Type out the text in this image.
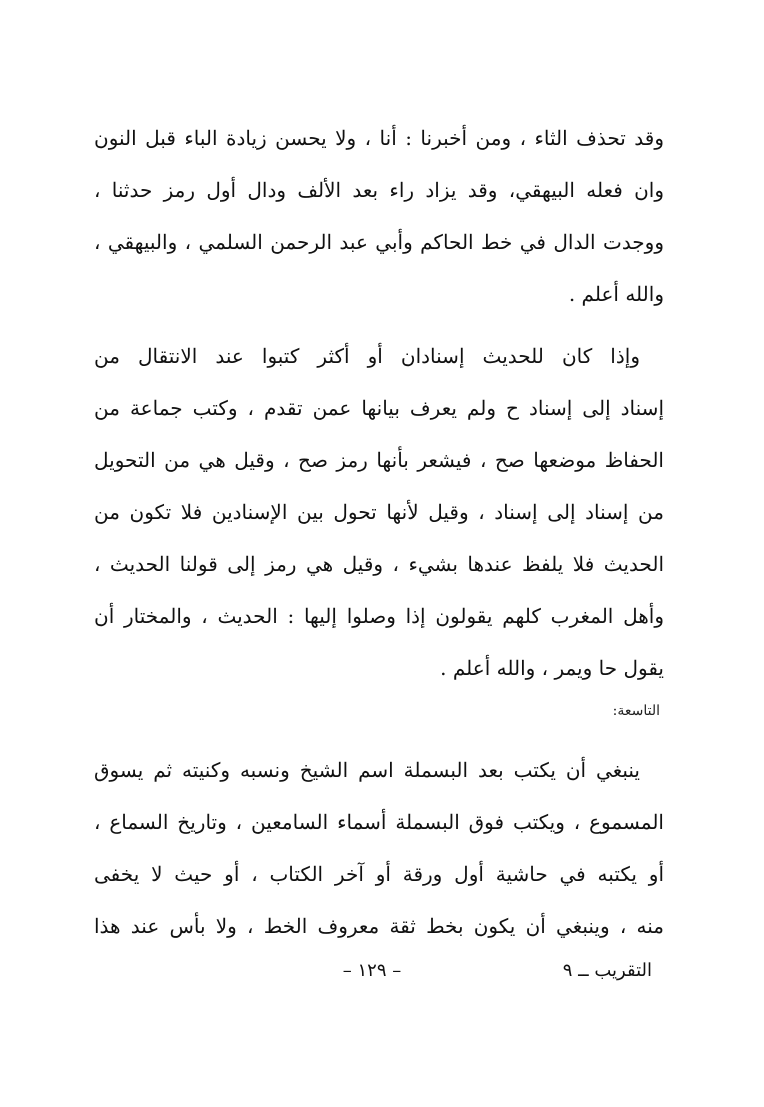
وقد تحذف الثاء ، ومن أخبرنا : أنا ، ولا يحسن زيادة الباء قبل النون
وان فعله البيهقي، وقد يزاد راء بعد الألف ودال أول رمز حدثنا ،
ووجدت الدال في خط الحاكم وأبي عبد الرحمن السلمي ، والبيهقي ،
والله أعلم .
وإذا كان للحديث إسنادان أو أكثر كتبوا عند الانتقال من
إسناد إلى إسناد ح ولم يعرف بيانها عمن تقدم ، وكتب جماعة من
الحفاظ موضعها صح ، فيشعر بأنها رمز صح ، وقيل هي من التحويل
من إسناد إلى إسناد ، وقيل لأنها تحول بين الإسنادين فلا تكون من
الحديث فلا يلفظ عندها بشيء ، وقيل هي رمز إلى قولنا الحديث ،
وأهل المغرب كلهم يقولون إذا وصلوا إليها : الحديث ، والمختار أن
يقول حا ويمر ، والله أعلم .
التاسعة:
ينبغي أن يكتب بعد البسملة اسم الشيخ ونسبه وكنيته ثم يسوق
المسموع ، ويكتب فوق البسملة أسماء السامعين ، وتاريخ السماع ،
أو يكتبه في حاشية أول ورقة أو آخر الكتاب ، أو حيث لا يخفى
منه ، وينبغي أن يكون بخط ثقة معروف الخط ، ولا بأس عند هذا
التقريب ــ ٩
– ١٢٩ –
